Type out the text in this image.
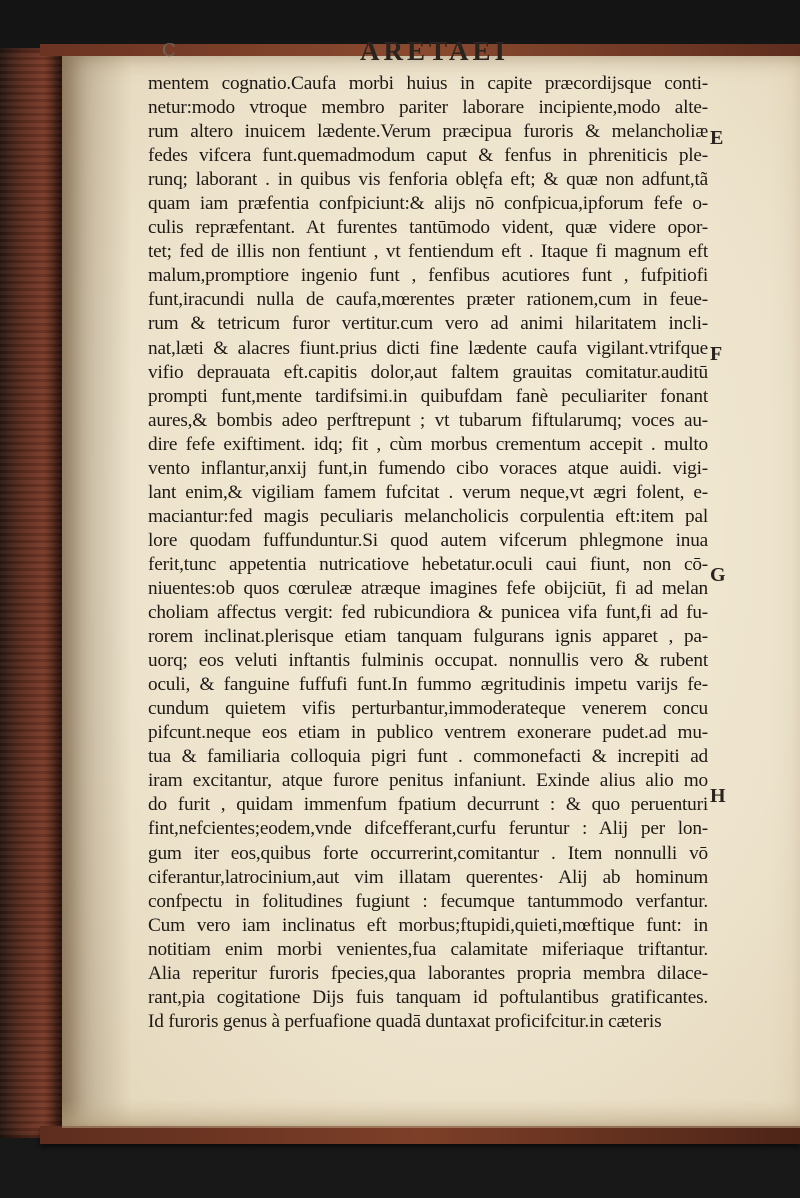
C	ARETAEI
mentem cognatio.Caufa morbi huius in capite præcordijsque conti-
netur:modo vtroque membro pariter laborare incipiente,modo alte-
rum altero inuicem lædente.Verum præcipua furoris & melancholiæ
fedes vifcera funt.quemadmodum caput & fenfus in phreniticis ple-
runq; laborant . in quibus vis fenforia oblęfa eft; & quæ non adfunt,tã
quam iam præfentia confpiciunt:& alijs nō confpicua,ipforum fefe o-
culis repræfentant. At furentes tantūmodo vident, quæ videre opor-
tet; fed de illis non fentiunt , vt fentiendum eft . Itaque fi magnum eft
malum,promptiore ingenio funt , fenfibus acutiores funt , fufpitiofi
funt,iracundi nulla de caufa,mœrentes præter rationem,cum in feue-
rum & tetricum furor vertitur.cum vero ad animi hilaritatem incli-
nat,læti & alacres fiunt.prius dicti fine lædente caufa vigilant.vtrifque
vifio deprauata eft.capitis dolor,aut faltem grauitas comitatur.auditū
prompti funt,mente tardifsimi.in quibufdam fanè peculiariter fonant
aures,& bombis adeo perftrepunt ; vt tubarum fiftularumq; voces au-
dire fefe exiftiment. idq; fit , cùm morbus crementum accepit . multo
vento inflantur,anxij funt,in fumendo cibo voraces atque auidi. vigi-
lant enim,& vigiliam famem fufcitat . verum neque,vt ægri folent, e-
maciantur:fed magis peculiaris melancholicis corpulentia eft:item pal
lore quodam fuffunduntur.Si quod autem vifcerum phlegmone inua
ferit,tunc appetentia nutricatiove hebetatur.oculi caui fiunt, non cō-
niuentes:ob quos cœruleæ atræque imagines fefe obijciūt, fi ad melan
choliam affectus vergit: fed rubicundiora & punicea vifa funt,fi ad fu-
rorem inclinat.plerisque etiam tanquam fulgurans ignis apparet , pa-
uorq; eos veluti inftantis fulminis occupat. nonnullis vero & rubent
oculi, & fanguine fuffufi funt.In fummo ægritudinis impetu varijs fe-
cundum quietem vifis perturbantur,immoderateque venerem concu
pifcunt.neque eos etiam in publico ventrem exonerare pudet.ad mu-
tua & familiaria colloquia pigri funt . commonefacti & increpiti ad
iram excitantur, atque furore penitus infaniunt. Exinde alius alio mo
do furit , quidam immenfum fpatium decurrunt : & quo peruenturi
fint,nefcientes;eodem,vnde difcefferant,curfu feruntur : Alij per lon-
gum iter eos,quibus forte occurrerint,comitantur . Item nonnulli vō
ciferantur,latrocinium,aut vim illatam querentes· Alij ab hominum
confpectu in folitudines fugiunt : fecumque tantummodo verfantur.
Cum vero iam inclinatus eft morbus;ftupidi,quieti,mœftique funt: in
notitiam enim morbi venientes,fua calamitate miferiaque triftantur.
Alia reperitur furoris fpecies,qua laborantes propria membra dilace-
rant,pia cogitatione Dijs fuis tanquam id poftulantibus gratificantes.
Id furoris genus à perfuafione quadā duntaxat proficifcitur.in cæteris
E
F
G
H
